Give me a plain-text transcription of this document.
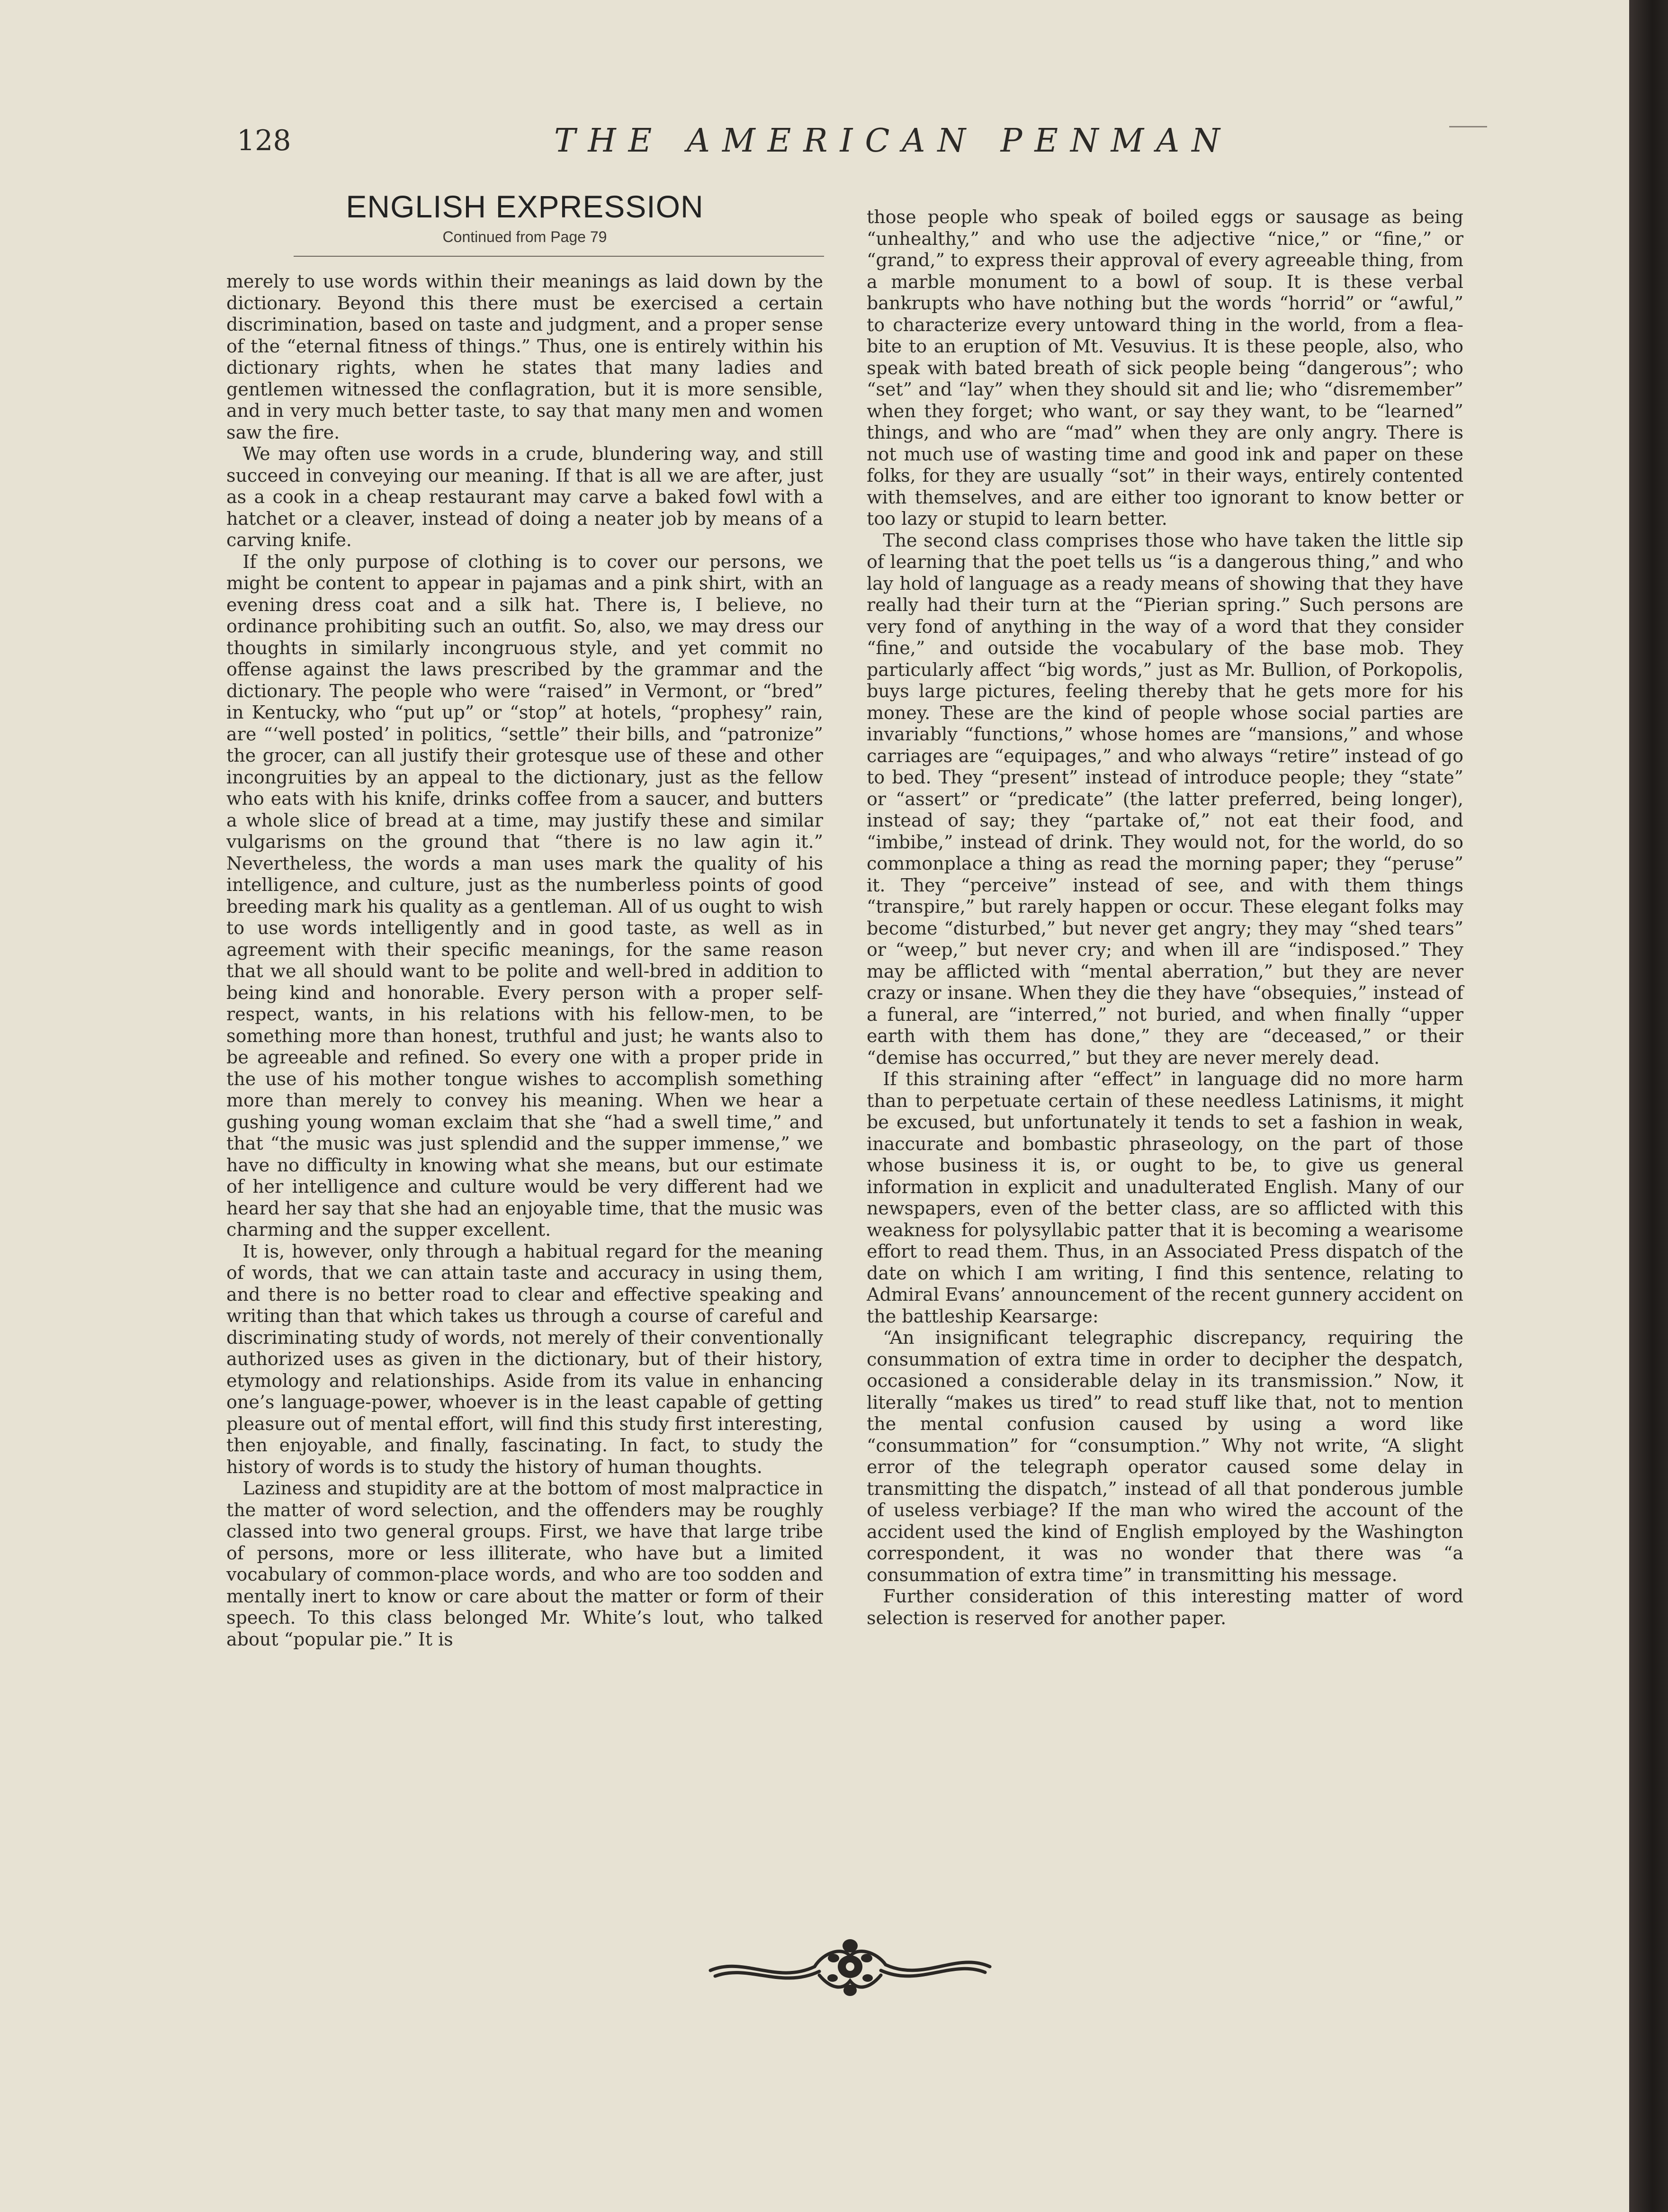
128	THE AMERICAN PENMAN
ENGLISH EXPRESSION
Continued from Page 79

merely to use words within their meanings as laid down by the dictionary. Beyond this there must be exercised a certain discrimination, based on taste and judgment, and a proper sense of the “eternal fitness of things.” Thus, one is entirely within his dictionary rights, when he states that many ladies and gentlemen witnessed the conflagration, but it is more sensible, and in very much better taste, to say that many men and women saw the fire.

We may often use words in a crude, blundering way, and still succeed in conveying our meaning. If that is all we are after, just as a cook in a cheap restaurant may carve a baked fowl with a hatchet or a cleaver, instead of doing a neater job by means of a carving knife.

If the only purpose of clothing is to cover our persons, we might be content to appear in pajamas and a pink shirt, with an evening dress coat and a silk hat. There is, I believe, no ordinance prohibiting such an outfit. So, also, we may dress our thoughts in similarly incongruous style, and yet commit no offense against the laws prescribed by the grammar and the dictionary. The people who were “raised” in Vermont, or “bred” in Kentucky, who “put up” or “stop” at hotels, “prophesy” rain, are “‘well posted’ in politics, “settle” their bills, and “patronize” the grocer, can all justify their grotesque use of these and other incongruities by an appeal to the dictionary, just as the fellow who eats with his knife, drinks coffee from a saucer, and butters a whole slice of bread at a time, may justify these and similar vulgarisms on the ground that “there is no law agin it.” Nevertheless, the words a man uses mark the quality of his intelligence, and culture, just as the numberless points of good breeding mark his quality as a gentleman. All of us ought to wish to use words intelligently and in good taste, as well as in agreement with their specific meanings, for the same reason that we all should want to be polite and well-bred in addition to being kind and honorable. Every person with a proper self-respect, wants, in his relations with his fellow-men, to be something more than honest, truthful and just; he wants also to be agreeable and refined. So every one with a proper pride in the use of his mother tongue wishes to accomplish something more than merely to convey his meaning. When we hear a gushing young woman exclaim that she “had a swell time,” and that “the music was just splendid and the supper immense,” we have no difficulty in knowing what she means, but our estimate of her intelligence and culture would be very different had we heard her say that she had an enjoyable time, that the music was charming and the supper excellent.

It is, however, only through a habitual regard for the meaning of words, that we can attain taste and accuracy in using them, and there is no better road to clear and effective speaking and writing than that which takes us through a course of careful and discriminating study of words, not merely of their conventionally authorized uses as given in the dictionary, but of their history, etymology and relationships. Aside from its value in enhancing one’s language-power, whoever is in the least capable of getting pleasure out of mental effort, will find this study first interesting, then enjoyable, and finally, fascinating. In fact, to study the history of words is to study the history of human thoughts.

Laziness and stupidity are at the bottom of most malpractice in the matter of word selection, and the offenders may be roughly classed into two general groups. First, we have that large tribe of persons, more or less illiterate, who have but a limited vocabulary of common-place words, and who are too sodden and mentally inert to know or care about the matter or form of their speech. To this class belonged Mr. White’s lout, who talked about “popular pie.” It is

those people who speak of boiled eggs or sausage as being “unhealthy,” and who use the adjective “nice,” or “fine,” or “grand,” to express their approval of every agreeable thing, from a marble monument to a bowl of soup. It is these verbal bankrupts who have nothing but the words “horrid” or “awful,” to characterize every untoward thing in the world, from a flea-bite to an eruption of Mt. Vesuvius. It is these people, also, who speak with bated breath of sick people being “dangerous”; who “set” and “lay” when they should sit and lie; who “disremember” when they forget; who want, or say they want, to be “learned” things, and who are “mad” when they are only angry. There is not much use of wasting time and good ink and paper on these folks, for they are usually “sot” in their ways, entirely contented with themselves, and are either too ignorant to know better or too lazy or stupid to learn better.

The second class comprises those who have taken the little sip of learning that the poet tells us “is a dangerous thing,” and who lay hold of language as a ready means of showing that they have really had their turn at the “Pierian spring.” Such persons are very fond of anything in the way of a word that they consider “fine,” and outside the vocabulary of the base mob. They particularly affect “big words,” just as Mr. Bullion, of Porkopolis, buys large pictures, feeling thereby that he gets more for his money. These are the kind of people whose social parties are invariably “functions,” whose homes are “mansions,” and whose carriages are “equipages,” and who always “retire” instead of go to bed. They “present” instead of introduce people; they “state” or “assert” or “predicate” (the latter preferred, being longer), instead of say; they “partake of,” not eat their food, and “imbibe,” instead of drink. They would not, for the world, do so commonplace a thing as read the morning paper; they “peruse” it. They “perceive” instead of see, and with them things “transpire,” but rarely happen or occur. These elegant folks may become “disturbed,” but never get angry; they may “shed tears” or “weep,” but never cry; and when ill are “indisposed.” They may be afflicted with “mental aberration,” but they are never crazy or insane. When they die they have “obsequies,” instead of a funeral, are “interred,” not buried, and when finally “upper earth with them has done,” they are “deceased,” or their “demise has occurred,” but they are never merely dead.

If this straining after “effect” in language did no more harm than to perpetuate certain of these needless Latinisms, it might be excused, but unfortunately it tends to set a fashion in weak, inaccurate and bombastic phraseology, on the part of those whose business it is, or ought to be, to give us general information in explicit and unadulterated English. Many of our newspapers, even of the better class, are so afflicted with this weakness for polysyllabic patter that it is becoming a wearisome effort to read them. Thus, in an Associated Press dispatch of the date on which I am writing, I find this sentence, relating to Admiral Evans’ announcement of the recent gunnery accident on the battleship Kearsarge:

“An insignificant telegraphic discrepancy, requiring the consummation of extra time in order to decipher the despatch, occasioned a considerable delay in its transmission.” Now, it literally “makes us tired” to read stuff like that, not to mention the mental confusion caused by using a word like “consummation” for “consumption.” Why not write, “A slight error of the telegraph operator caused some delay in transmitting the dispatch,” instead of all that ponderous jumble of useless verbiage? If the man who wired the account of the accident used the kind of English employed by the Washington correspondent, it was no wonder that there was “a consummation of extra time” in transmitting his message.

Further consideration of this interesting matter of word selection is reserved for another paper.
